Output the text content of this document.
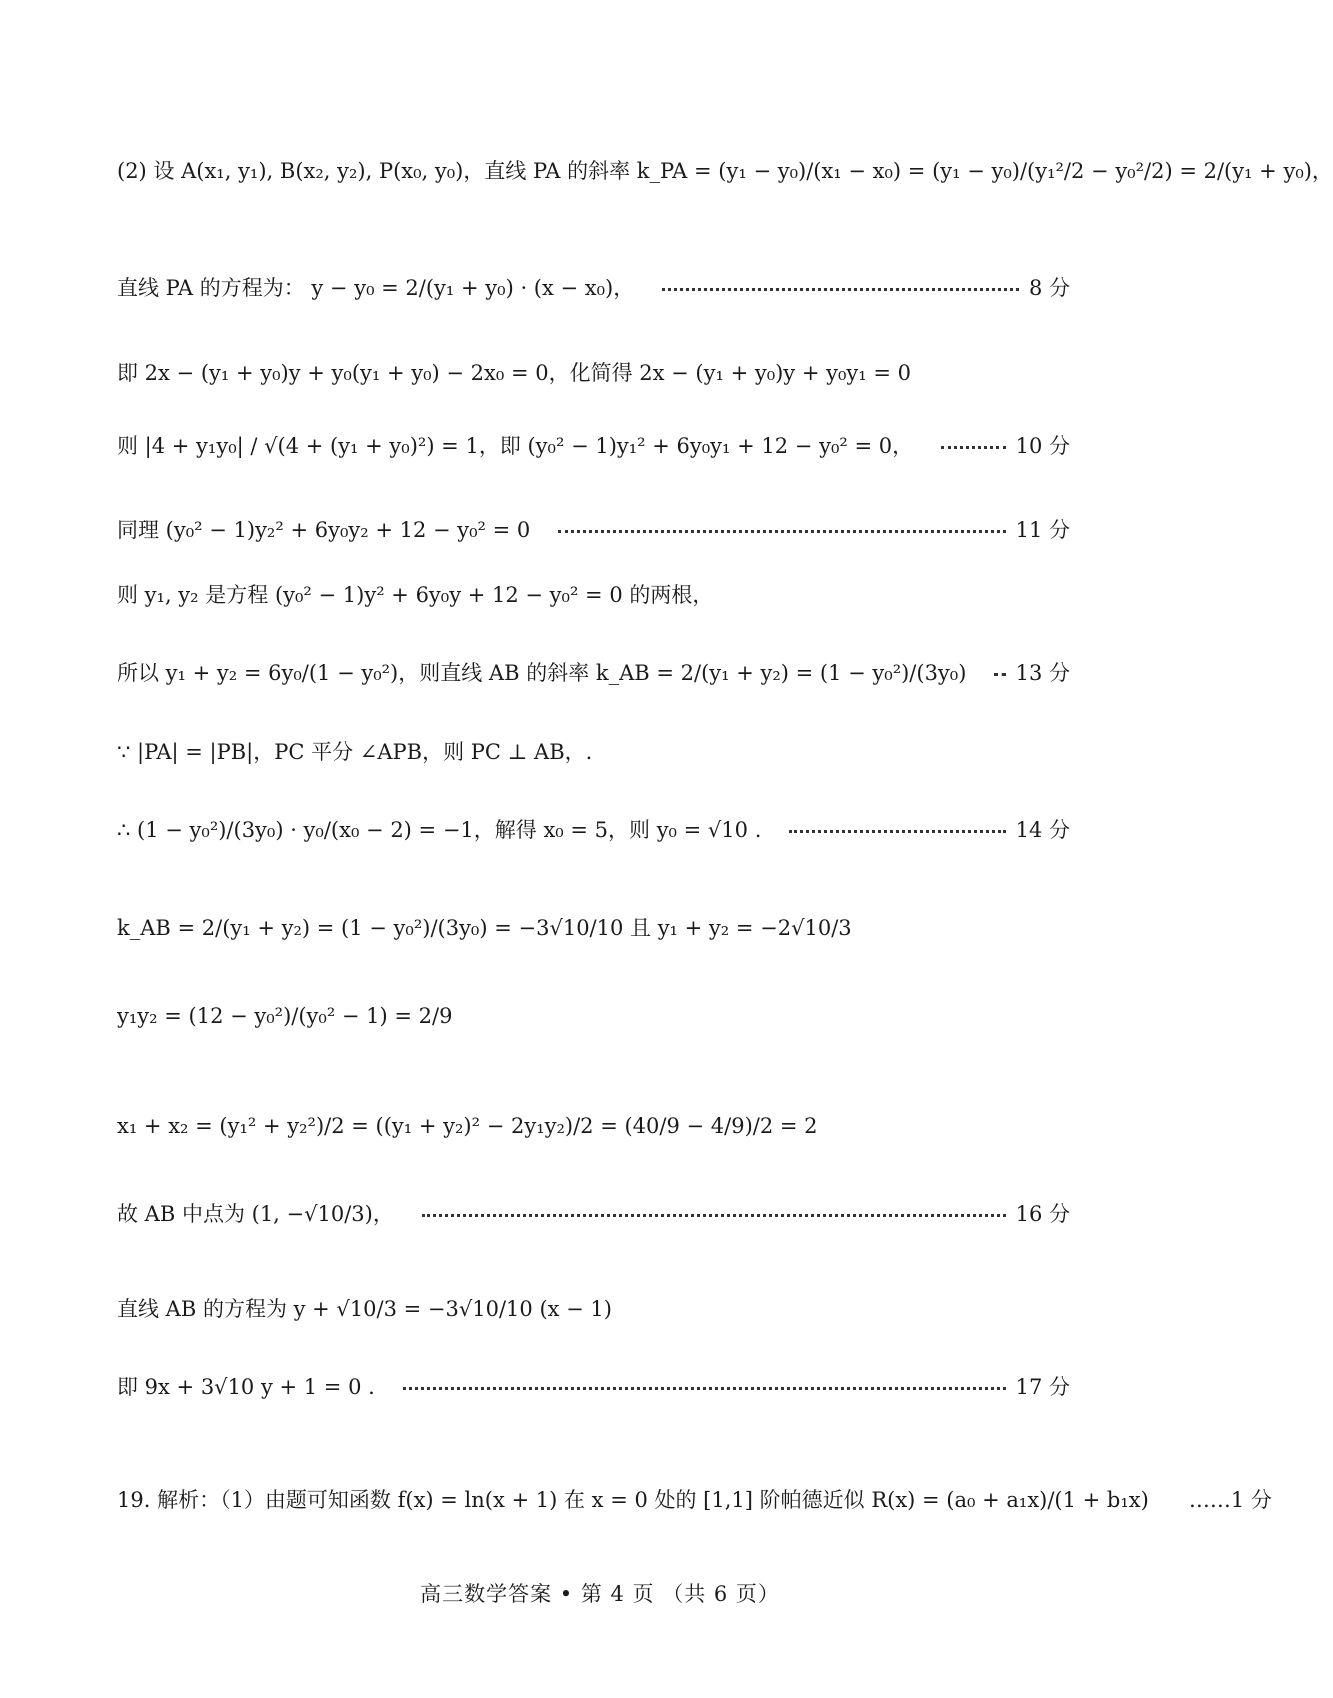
(2) 设 A(x₁, y₁), B(x₂, y₂), P(x₀, y₀)，直线 PA 的斜率 k_PA = (y₁ − y₀)/(x₁ − x₀) = (y₁ − y₀)/(y₁²/2 − y₀²/2) = 2/(y₁ + y₀)，
直线 PA 的方程为： y − y₀ = 2/(y₁ + y₀) · (x − x₀)，	8 分
即 2x − (y₁ + y₀)y + y₀(y₁ + y₀) − 2x₀ = 0，化简得 2x − (y₁ + y₀)y + y₀y₁ = 0
则 |4 + y₁y₀| / √(4 + (y₁ + y₀)²) = 1，即 (y₀² − 1)y₁² + 6y₀y₁ + 12 − y₀² = 0，	10 分
同理 (y₀² − 1)y₂² + 6y₀y₂ + 12 − y₀² = 0	11 分
则 y₁, y₂ 是方程 (y₀² − 1)y² + 6y₀y + 12 − y₀² = 0 的两根，
所以 y₁ + y₂ = 6y₀/(1 − y₀²)，则直线 AB 的斜率 k_AB = 2/(y₁ + y₂) = (1 − y₀²)/(3y₀) 13 分
∵ |PA| = |PB|，PC 平分 ∠APB，则 PC ⊥ AB，.
∴ (1 − y₀²)/(3y₀) · y₀/(x₀ − 2) = −1，解得 x₀ = 5，则 y₀ = √10 .	14 分
k_AB = 2/(y₁ + y₂) = (1 − y₀²)/(3y₀) = −3√10/10 且 y₁ + y₂ = −2√10/3
y₁y₂ = (12 − y₀²)/(y₀² − 1) = 2/9
x₁ + x₂ = (y₁² + y₂²)/2 = ((y₁ + y₂)² − 2y₁y₂)/2 = (40/9 − 4/9)/2 = 2
故 AB 中点为 (1, −√10/3)，	16 分
直线 AB 的方程为 y + √10/3 = −3√10/10 (x − 1)
即 9x + 3√10 y + 1 = 0 .	17 分
19. 解析：（1）由题可知函数 f(x) = ln(x + 1) 在 x = 0 处的 [1,1] 阶帕德近似 R(x) = (a₀ + a₁x)/(1 + b₁x) ……1 分
高三数学答案 • 第 4 页 （共 6 页）
